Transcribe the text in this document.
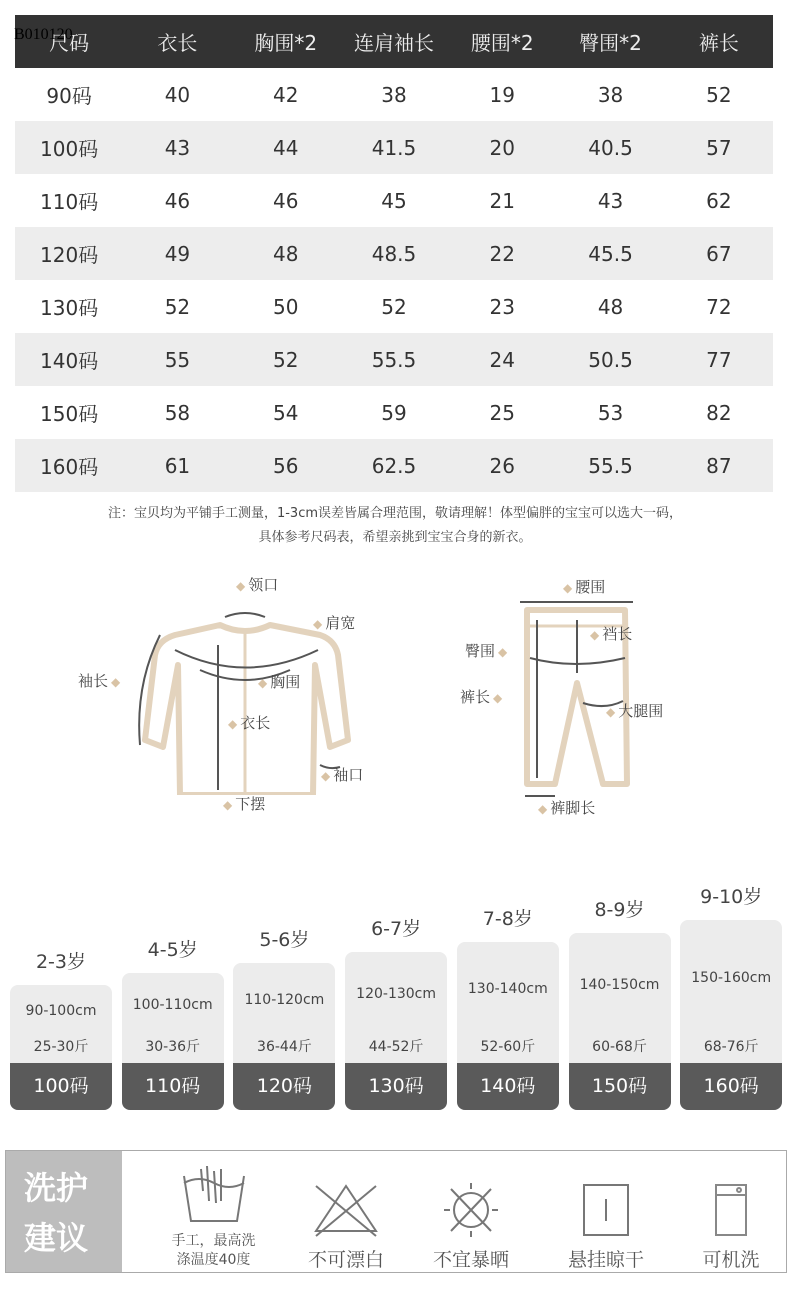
B010120
尺码	衣长	胸围*2	连肩袖长	腰围*2	臀围*2	裤长
90码	40	42	38	19	38	52
100码	43	44	41.5	20	40.5	57
110码	46	46	45	21	43	62
120码	49	48	48.5	22	45.5	67
130码	52	50	52	23	48	72
140码	55	52	55.5	24	50.5	77
150码	58	54	59	25	53	82
160码	61	56	62.5	26	55.5	87
注：宝贝均为平铺手工测量，1-3cm误差皆属合理范围，敬请理解！体型偏胖的宝宝可以选大一码，
具体参考尺码表，希望亲挑到宝宝合身的新衣。
◆ 领口
◆ 肩宽
袖长 ◆	◆ 胸围
◆ 衣长
◆ 袖口
◆ 下摆
◆ 腰围
臀围 ◆
◆ 裆长
裤长 ◆
◆ 大腿围
◆ 裤脚长
2-3岁
90-100cm
25-30斤
100码
4-5岁
100-110cm
30-36斤
110码
5-6岁
110-120cm
36-44斤
120码
6-7岁
120-130cm
44-52斤
130码
7-8岁
130-140cm
52-60斤
140码
8-9岁
140-150cm
60-68斤
150码
9-10岁
150-160cm
68-76斤
160码
洗护
建议	手工，最高洗
涤温度40度	不可漂白	不宜暴晒	悬挂晾干	可机洗
